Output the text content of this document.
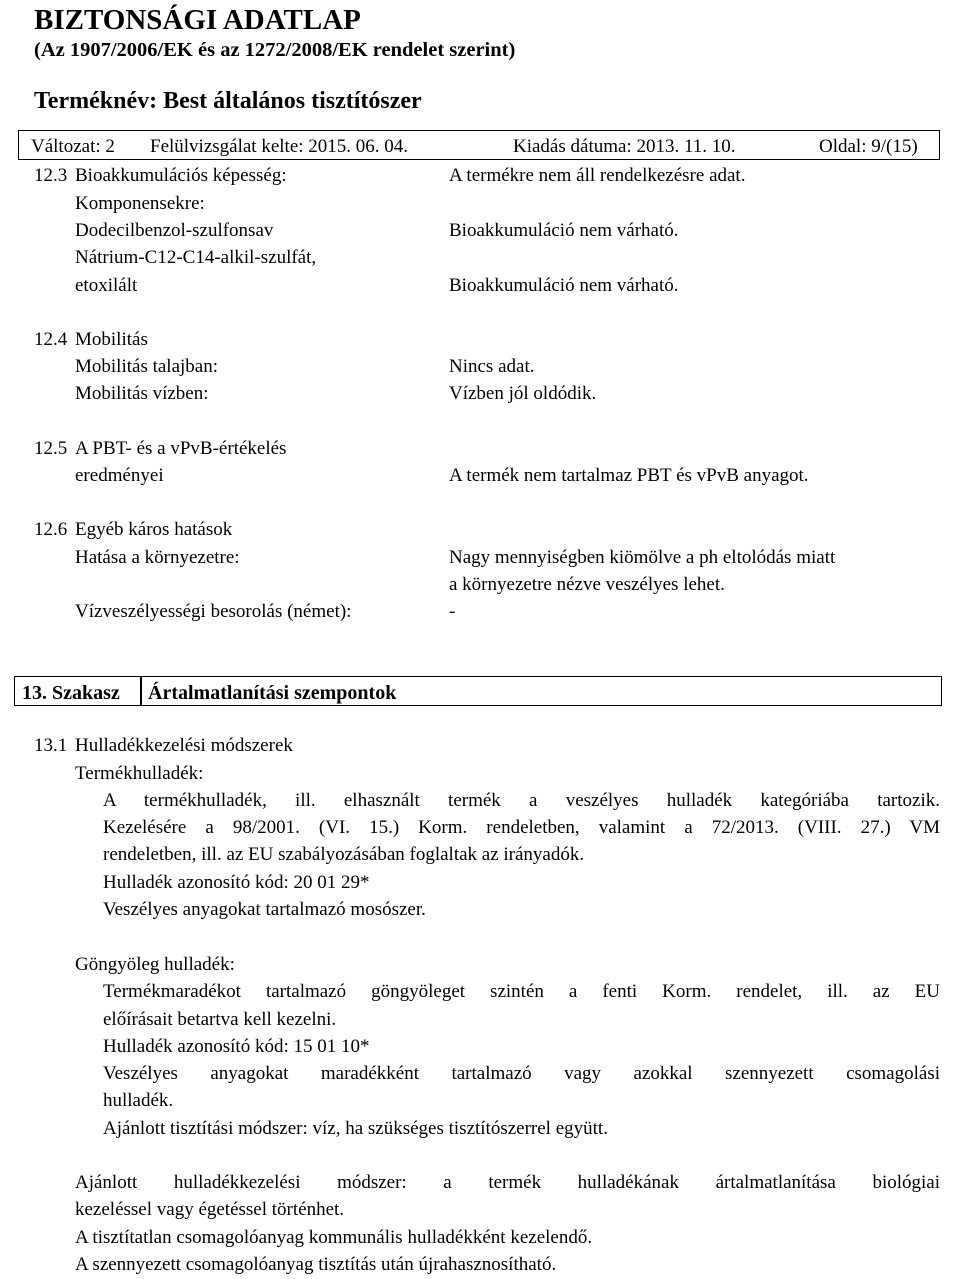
BIZTONSÁGI ADATLAP
(Az 1907/2006/EK és az 1272/2008/EK rendelet szerint)
Terméknév: Best általános tisztítószer
Változat: 2 Felülvizsgálat kelte: 2015. 06. 04.	Kiadás dátuma: 2013. 11. 10.	Oldal: 9/(15)
12.3 Bioakkumulációs képesség:	A termékre nem áll rendelkezésre adat.
Komponensekre:
Dodecilbenzol-szulfonsav	Bioakkumuláció nem várható.
Nátrium-C12-C14-alkil-szulfát,
etoxilált	Bioakkumuláció nem várható.
12.4 Mobilitás
Mobilitás talajban:	Nincs adat.
Mobilitás vízben:	Vízben jól oldódik.
12.5 A PBT- és a vPvB-értékelés
eredményei	A termék nem tartalmaz PBT és vPvB anyagot.
12.6 Egyéb káros hatások
Hatása a környezetre:	Nagy mennyiségben kiömölve a ph eltolódás miatt
a környezetre nézve veszélyes lehet.
Vízveszélyességi besorolás (német):	-
13. Szakasz Ártalmatlanítási szempontok
13.1 Hulladékkezelési módszerek
Termékhulladék:
A termékhulladék, ill. elhasznált termék a veszélyes hulladék kategóriába tartozik.
Kezelésére a 98/2001. (VI. 15.) Korm. rendeletben, valamint a 72/2013. (VIII. 27.) VM
rendeletben, ill. az EU szabályozásában foglaltak az irányadók.
Hulladék azonosító kód: 20 01 29*
Veszélyes anyagokat tartalmazó mosószer.
Göngyöleg hulladék:
Termékmaradékot tartalmazó göngyöleget szintén a fenti Korm. rendelet, ill. az EU
előírásait betartva kell kezelni.
Hulladék azonosító kód: 15 01 10*
Veszélyes anyagokat maradékként tartalmazó vagy azokkal szennyezett csomagolási
hulladék.
Ajánlott tisztítási módszer: víz, ha szükséges tisztítószerrel együtt.
Ajánlott hulladékkezelési módszer: a termék hulladékának ártalmatlanítása biológiai
kezeléssel vagy égetéssel történhet.
A tisztítatlan csomagolóanyag kommunális hulladékként kezelendő.
A szennyezett csomagolóanyag tisztítás után újrahasznosítható.
